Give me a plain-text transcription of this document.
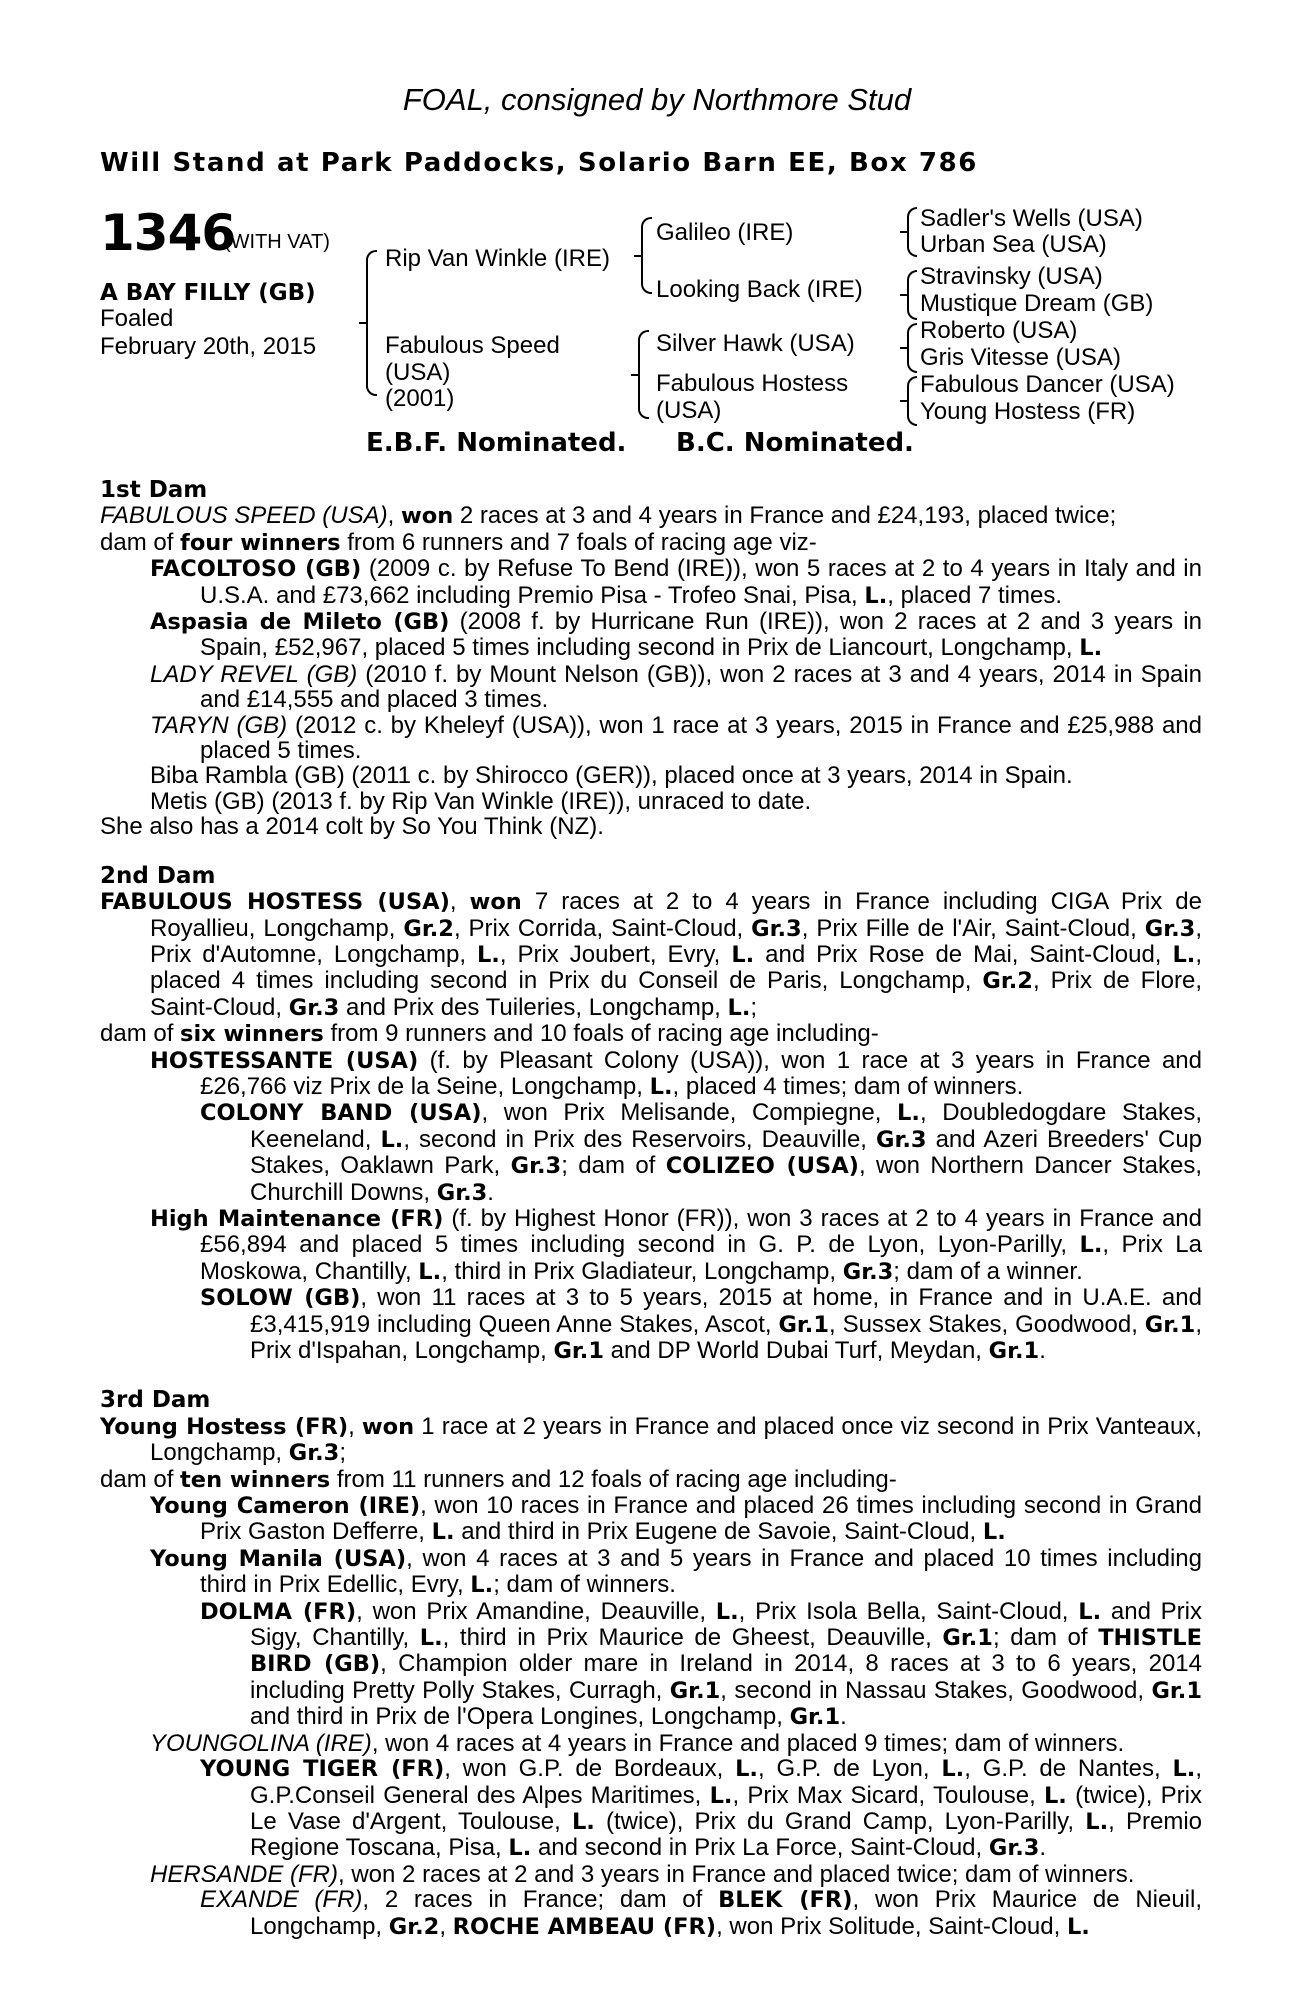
FOAL, consigned by Northmore Stud
Will Stand at Park Paddocks, Solario Barn EE, Box 786
1346
(WITH VAT)
A BAY FILLY (GB)
Foaled
February 20th, 2015
Rip Van Winkle (IRE)
Fabulous Speed
(USA)
(2001)
Galileo (IRE)
Looking Back (IRE)
Silver Hawk (USA)
Fabulous Hostess
(USA)
Sadler's Wells (USA)
Urban Sea (USA)
Stravinsky (USA)
Mustique Dream (GB)
Roberto (USA)
Gris Vitesse (USA)
Fabulous Dancer (USA)
Young Hostess (FR)
E.B.F. Nominated. B.C. Nominated.

1st Dam

FABULOUS SPEED (USA), won 2 races at 3 and 4 years in France and £24,193, placed twice;

dam of four winners from 6 runners and 7 foals of racing age viz-

FACOLTOSO (GB) (2009 c. by Refuse To Bend (IRE)), won 5 races at 2 to 4 years in Italy and in U.S.A. and £73,662 including Premio Pisa - Trofeo Snai, Pisa, L., placed 7 times.

Aspasia de Mileto (GB) (2008 f. by Hurricane Run (IRE)), won 2 races at 2 and 3 years in Spain, £52,967, placed 5 times including second in Prix de Liancourt, Longchamp, L.

LADY REVEL (GB) (2010 f. by Mount Nelson (GB)), won 2 races at 3 and 4 years, 2014 in Spain and £14,555 and placed 3 times.

TARYN (GB) (2012 c. by Kheleyf (USA)), won 1 race at 3 years, 2015 in France and £25,988 and placed 5 times.

Biba Rambla (GB) (2011 c. by Shirocco (GER)), placed once at 3 years, 2014 in Spain.

Metis (GB) (2013 f. by Rip Van Winkle (IRE)), unraced to date.

She also has a 2014 colt by So You Think (NZ).

2nd Dam

FABULOUS HOSTESS (USA), won 7 races at 2 to 4 years in France including CIGA Prix de Royallieu, Longchamp, Gr.2, Prix Corrida, Saint-Cloud, Gr.3, Prix Fille de l'Air, Saint-Cloud, Gr.3, Prix d'Automne, Longchamp, L., Prix Joubert, Evry, L. and Prix Rose de Mai, Saint-Cloud, L., placed 4 times including second in Prix du Conseil de Paris, Longchamp, Gr.2, Prix de Flore, Saint-Cloud, Gr.3 and Prix des Tuileries, Longchamp, L.;

dam of six winners from 9 runners and 10 foals of racing age including-

HOSTESSANTE (USA) (f. by Pleasant Colony (USA)), won 1 race at 3 years in France and £26,766 viz Prix de la Seine, Longchamp, L., placed 4 times; dam of winners.

COLONY BAND (USA), won Prix Melisande, Compiegne, L., Doubledogdare Stakes, Keeneland, L., second in Prix des Reservoirs, Deauville, Gr.3 and Azeri Breeders' Cup Stakes, Oaklawn Park, Gr.3; dam of COLIZEO (USA), won Northern Dancer Stakes, Churchill Downs, Gr.3.

High Maintenance (FR) (f. by Highest Honor (FR)), won 3 races at 2 to 4 years in France and £56,894 and placed 5 times including second in G. P. de Lyon, Lyon-Parilly, L., Prix La Moskowa, Chantilly, L., third in Prix Gladiateur, Longchamp, Gr.3; dam of a winner.

SOLOW (GB), won 11 races at 3 to 5 years, 2015 at home, in France and in U.A.E. and £3,415,919 including Queen Anne Stakes, Ascot, Gr.1, Sussex Stakes, Goodwood, Gr.1, Prix d'Ispahan, Longchamp, Gr.1 and DP World Dubai Turf, Meydan, Gr.1.

3rd Dam

Young Hostess (FR), won 1 race at 2 years in France and placed once viz second in Prix Vanteaux, Longchamp, Gr.3;

dam of ten winners from 11 runners and 12 foals of racing age including-

Young Cameron (IRE), won 10 races in France and placed 26 times including second in Grand Prix Gaston Defferre, L. and third in Prix Eugene de Savoie, Saint-Cloud, L.

Young Manila (USA), won 4 races at 3 and 5 years in France and placed 10 times including third in Prix Edellic, Evry, L.; dam of winners.

DOLMA (FR), won Prix Amandine, Deauville, L., Prix Isola Bella, Saint-Cloud, L. and Prix Sigy, Chantilly, L., third in Prix Maurice de Gheest, Deauville, Gr.1; dam of THISTLE BIRD (GB), Champion older mare in Ireland in 2014, 8 races at 3 to 6 years, 2014 including Pretty Polly Stakes, Curragh, Gr.1, second in Nassau Stakes, Goodwood, Gr.1 and third in Prix de l'Opera Longines, Longchamp, Gr.1.

YOUNGOLINA (IRE), won 4 races at 4 years in France and placed 9 times; dam of winners.

YOUNG TIGER (FR), won G.P. de Bordeaux, L., G.P. de Lyon, L., G.P. de Nantes, L., G.P.Conseil General des Alpes Maritimes, L., Prix Max Sicard, Toulouse, L. (twice), Prix Le Vase d'Argent, Toulouse, L. (twice), Prix du Grand Camp, Lyon-Parilly, L., Premio Regione Toscana, Pisa, L. and second in Prix La Force, Saint-Cloud, Gr.3.

HERSANDE (FR), won 2 races at 2 and 3 years in France and placed twice; dam of winners.

EXANDE (FR), 2 races in France; dam of BLEK (FR), won Prix Maurice de Nieuil, Longchamp, Gr.2, ROCHE AMBEAU (FR), won Prix Solitude, Saint-Cloud, L.
